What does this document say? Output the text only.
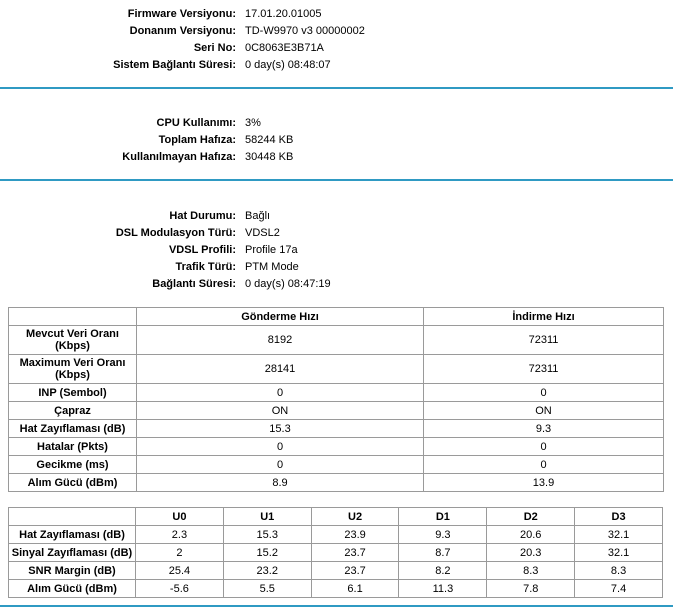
Firmware Versiyonu: 17.01.20.01005
Donanım Versiyonu: TD-W9970 v3 00000002
Seri No: 0C8063E3B71A
Sistem Bağlantı Süresi: 0 day(s) 08:48:07
CPU Kullanımı: 3%
Toplam Hafıza: 58244 KB
Kullanılmayan Hafıza: 30448 KB
Hat Durumu: Bağlı
DSL Modulasyon Türü: VDSL2
VDSL Profili: Profile 17a
Trafik Türü: PTM Mode
Bağlantı Süresi: 0 day(s) 08:47:19
	Gönderme Hızı	İndirme Hızı
Mevcut Veri Oranı (Kbps)	8192	72311
Maximum Veri Oranı (Kbps)	28141	72311
INP (Sembol)	0	0
Çapraz	ON	ON
Hat Zayıflaması (dB)	15.3	9.3
Hatalar (Pkts)	0	0
Gecikme (ms)	0	0
Alım Gücü (dBm)	8.9	13.9
	U0	U1	U2	D1	D2	D3
Hat Zayıflaması (dB)	2.3	15.3	23.9	9.3	20.6	32.1
Sinyal Zayıflaması (dB)	2	15.2	23.7	8.7	20.3	32.1
SNR Margin (dB)	25.4	23.2	23.7	8.2	8.3	8.3
Alım Gücü (dBm)	-5.6	5.5	6.1	11.3	7.8	7.4
